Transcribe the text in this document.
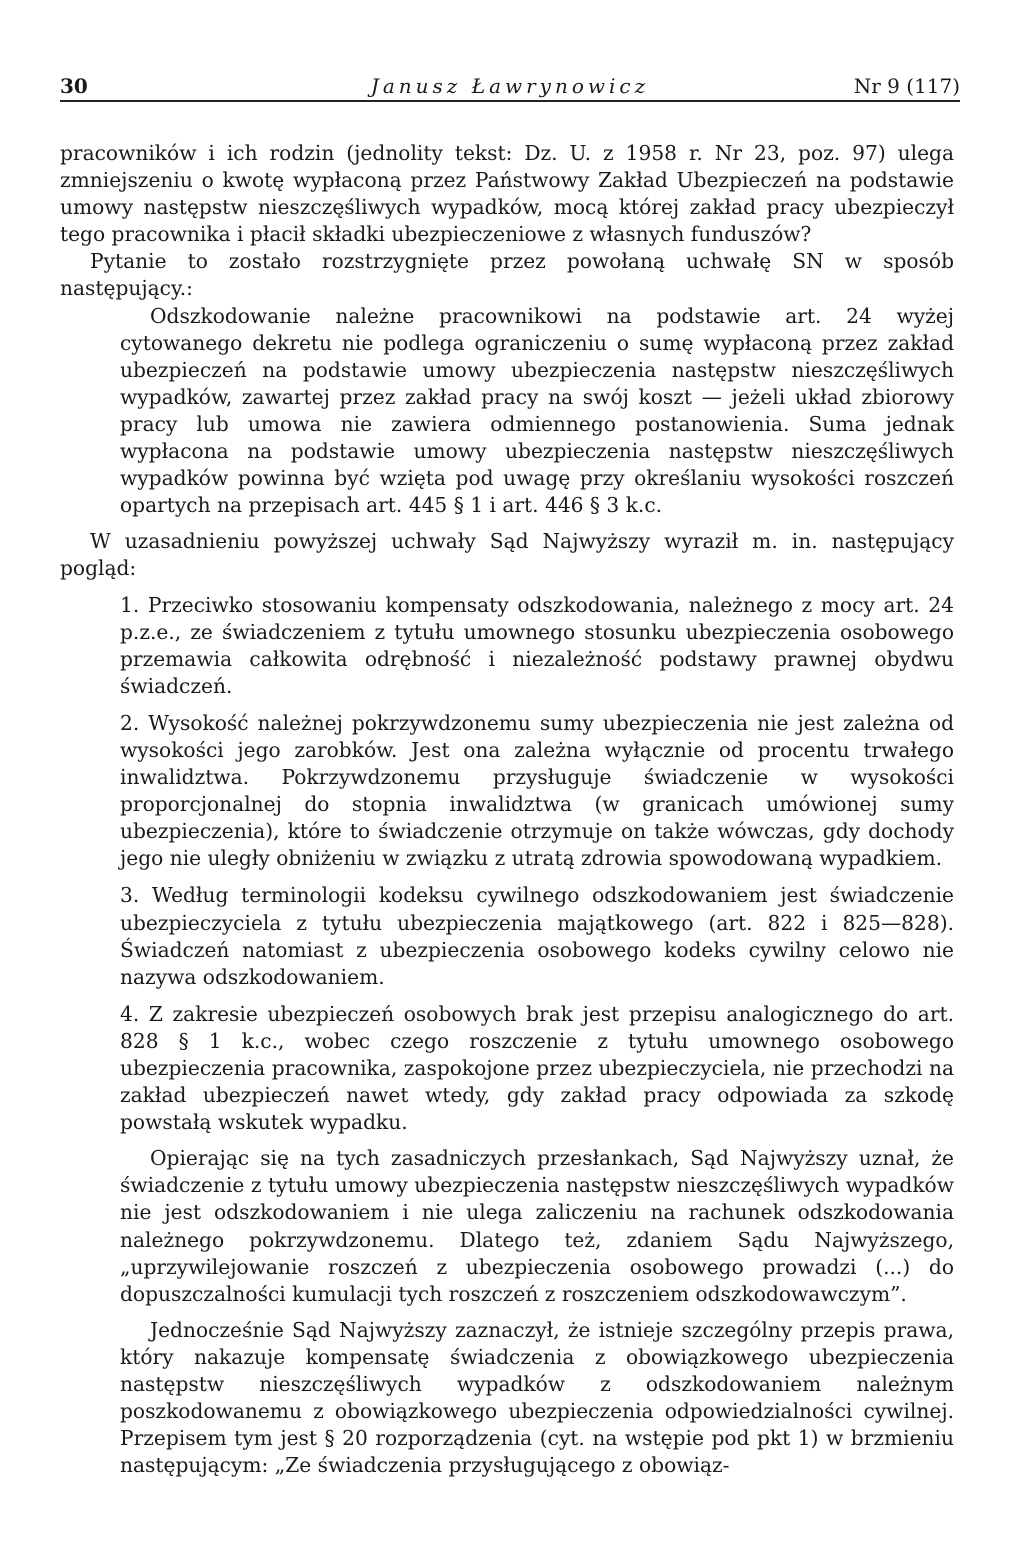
30	Janusz Ławrynowicz	Nr 9 (117)

pracowników i ich rodzin (jednolity tekst: Dz. U. z 1958 r. Nr 23, poz. 97) ulega zmniejszeniu o kwotę wypłaconą przez Państwowy Zakład Ubezpieczeń na podstawie umowy następstw nieszczęśliwych wypadków, mocą której zakład pracy ubezpieczył tego pracownika i płacił składki ubezpieczeniowe z własnych funduszów?

Pytanie to zostało rozstrzygnięte przez powołaną uchwałę SN w sposób następujący.:

Odszkodowanie należne pracownikowi na podstawie art. 24 wyżej cytowanego dekretu nie podlega ograniczeniu o sumę wypłaconą przez zakład ubezpieczeń na podstawie umowy ubezpieczenia następstw nieszczęśliwych wypadków, zawartej przez zakład pracy na swój koszt — jeżeli układ zbiorowy pracy lub umowa nie zawiera odmiennego postanowienia. Suma jednak wypłacona na podstawie umowy ubezpieczenia następstw nieszczęśliwych wypadków powinna być wzięta pod uwagę przy określaniu wysokości roszczeń opartych na przepisach art. 445 § 1 i art. 446 § 3 k.c.

W uzasadnieniu powyższej uchwały Sąd Najwyższy wyraził m. in. następujący pogląd:

1. Przeciwko stosowaniu kompensaty odszkodowania, należnego z mocy art. 24 p.z.e., ze świadczeniem z tytułu umownego stosunku ubezpieczenia osobowego przemawia całkowita odrębność i niezależność podstawy prawnej obydwu świadczeń.

2. Wysokość należnej pokrzywdzonemu sumy ubezpieczenia nie jest zależna od wysokości jego zarobków. Jest ona zależna wyłącznie od procentu trwałego inwalidztwa. Pokrzywdzonemu przysługuje świadczenie w wysokości proporcjonalnej do stopnia inwalidztwa (w granicach umówionej sumy ubezpieczenia), które to świadczenie otrzymuje on także wówczas, gdy dochody jego nie uległy obniżeniu w związku z utratą zdrowia spowodowaną wypadkiem.

3. Według terminologii kodeksu cywilnego odszkodowaniem jest świadczenie ubezpieczyciela z tytułu ubezpieczenia majątkowego (art. 822 i 825—828). Świadczeń natomiast z ubezpieczenia osobowego kodeks cywilny celowo nie nazywa odszkodowaniem.

4. Z zakresie ubezpieczeń osobowych brak jest przepisu analogicznego do art. 828 § 1 k.c., wobec czego roszczenie z tytułu umownego osobowego ubezpieczenia pracownika, zaspokojone przez ubezpieczyciela, nie przechodzi na zakład ubezpieczeń nawet wtedy, gdy zakład pracy odpowiada za szkodę powstałą wskutek wypadku.

Opierając się na tych zasadniczych przesłankach, Sąd Najwyższy uznał, że świadczenie z tytułu umowy ubezpieczenia następstw nieszczęśliwych wypadków nie jest odszkodowaniem i nie ulega zaliczeniu na rachunek odszkodowania należnego pokrzywdzonemu. Dlatego też, zdaniem Sądu Najwyższego, „uprzywilejowanie roszczeń z ubezpieczenia osobowego prowadzi (...) do dopuszczalności kumulacji tych roszczeń z roszczeniem odszkodowawczym”.

Jednocześnie Sąd Najwyższy zaznaczył, że istnieje szczególny przepis prawa, który nakazuje kompensatę świadczenia z obowiązkowego ubezpieczenia następstw nieszczęśliwych wypadków z odszkodowaniem należnym poszkodowanemu z obowiązkowego ubezpieczenia odpowiedzialności cywilnej. Przepisem tym jest § 20 rozporządzenia (cyt. na wstępie pod pkt 1) w brzmieniu następującym: „Ze świadczenia przysługującego z obowiąz-
